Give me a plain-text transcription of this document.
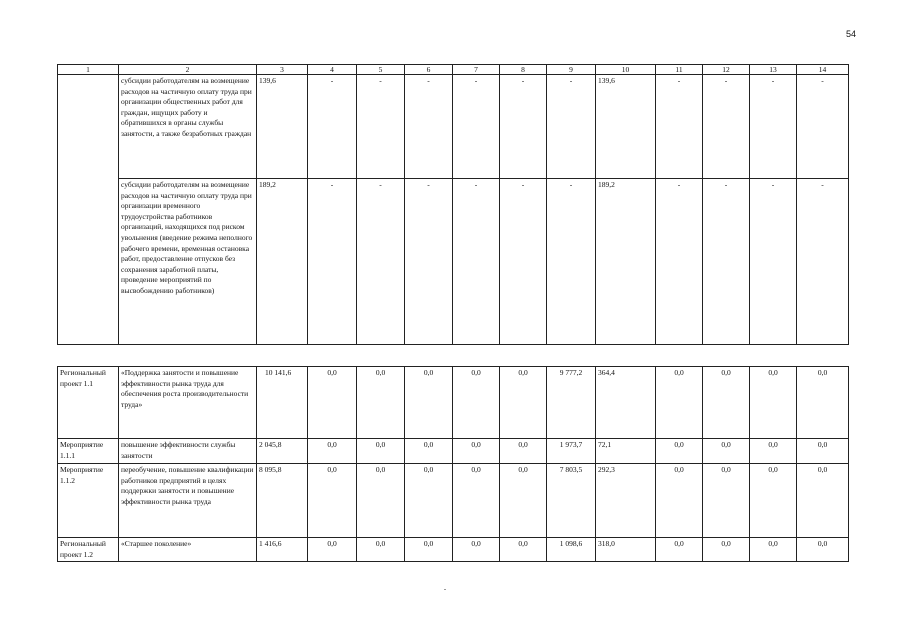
54
1	2	3	4	5	6	7	8	9	10	11	12	13	14
	субсидии работодателям на возмещение расходов на частичную оплату труда при организации общественных работ для граждан, ищущих работу и обратившихся в органы службы занятости, а также безработных граждан	139,6	-	-	-	-	-	-	139,6	-	-	-	-
	субсидии работодателям на возмещение расходов на частичную оплату труда при организации временного трудоустройства работников организаций, находящихся под риском увольнения (введение режима неполного рабочего времени, временная остановка работ, предоставление отпусков без сохранения заработной платы, проведение мероприятий по высвобождению работников)	189,2	-	-	-	-	-	-	189,2	-	-	-	-

Региональный проект 1.1	«Поддержка занятости и повышение эффективности рынка труда для обеспечения роста производительности труда»	10 141,6	0,0	0,0	0,0	0,0	0,0	9 777,2	364,4	0,0	0,0	0,0	0,0
Мероприятие 1.1.1	повышение эффективности службы занятости	2 045,8	0,0	0,0	0,0	0,0	0,0	1 973,7	72,1	0,0	0,0	0,0	0,0
Мероприятие 1.1.2	переобучение, повышение квалификации работников предприятий в целях поддержки занятости и повышение эффективности рынка труда	8 095,8	0,0	0,0	0,0	0,0	0,0	7 803,5	292,3	0,0	0,0	0,0	0,0
Региональный проект 1.2	«Старшее поколение»	1 416,6	0,0	0,0	0,0	0,0	0,0	1 098,6	318,0	0,0	0,0	0,0	0,0
